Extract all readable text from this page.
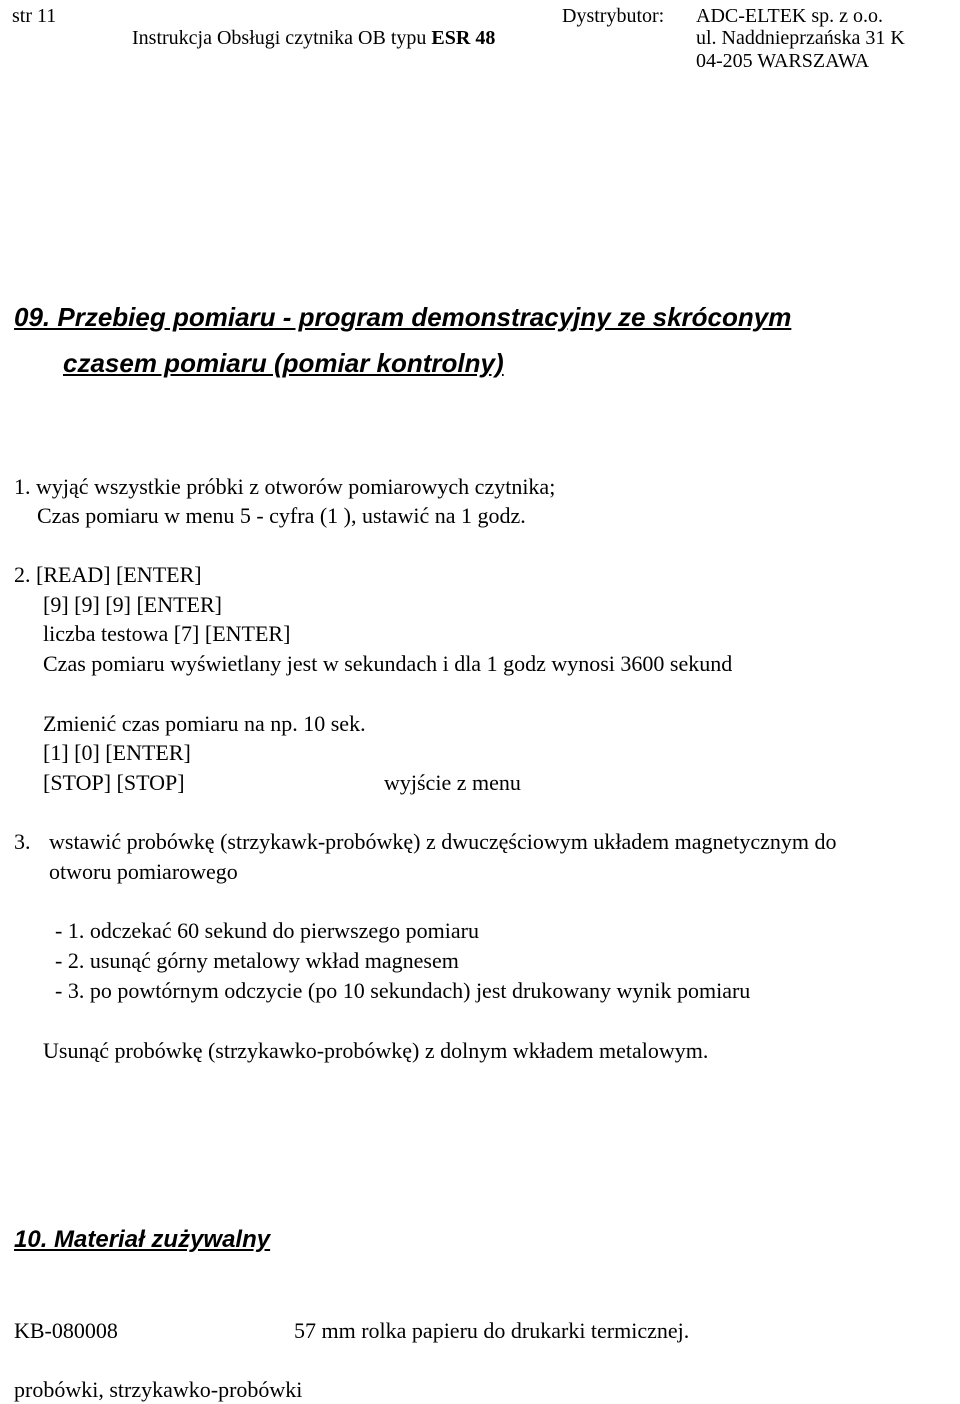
str 11
Instrukcja Obsługi czytnika OB typu ESR 48
Dystrybutor: ADC-ELTEK sp. z o.o.
ul. Naddnieprzańska 31 K
04-205 WARSZAWA
09. Przebieg pomiaru - program demonstracyjny ze skróconym
czasem pomiaru (pomiar kontrolny)
1. wyjąć wszystkie próbki z otworów pomiarowych czytnika;
Czas pomiaru w menu 5 - cyfra (1 ), ustawić na 1 godz.
2. [READ] [ENTER]
[9] [9] [9] [ENTER]
liczba testowa [7] [ENTER]
Czas pomiaru wyświetlany jest w sekundach i dla 1 godz wynosi 3600 sekund
Zmienić czas pomiaru na np. 10 sek.
[1] [0] [ENTER]
[STOP] [STOP]	wyjście z menu
3. wstawić probówkę (strzykawk-probówkę) z dwuczęściowym układem magnetycznym do
otworu pomiarowego
- 1. odczekać 60 sekund do pierwszego pomiaru
- 2. usunąć górny metalowy wkład magnesem
- 3. po powtórnym odczycie (po 10 sekundach) jest drukowany wynik pomiaru
Usunąć probówkę (strzykawko-probówkę) z dolnym wkładem metalowym.
10. Materiał zużywalny
KB-080008	57 mm rolka papieru do drukarki termicznej.
probówki, strzykawko-probówki
